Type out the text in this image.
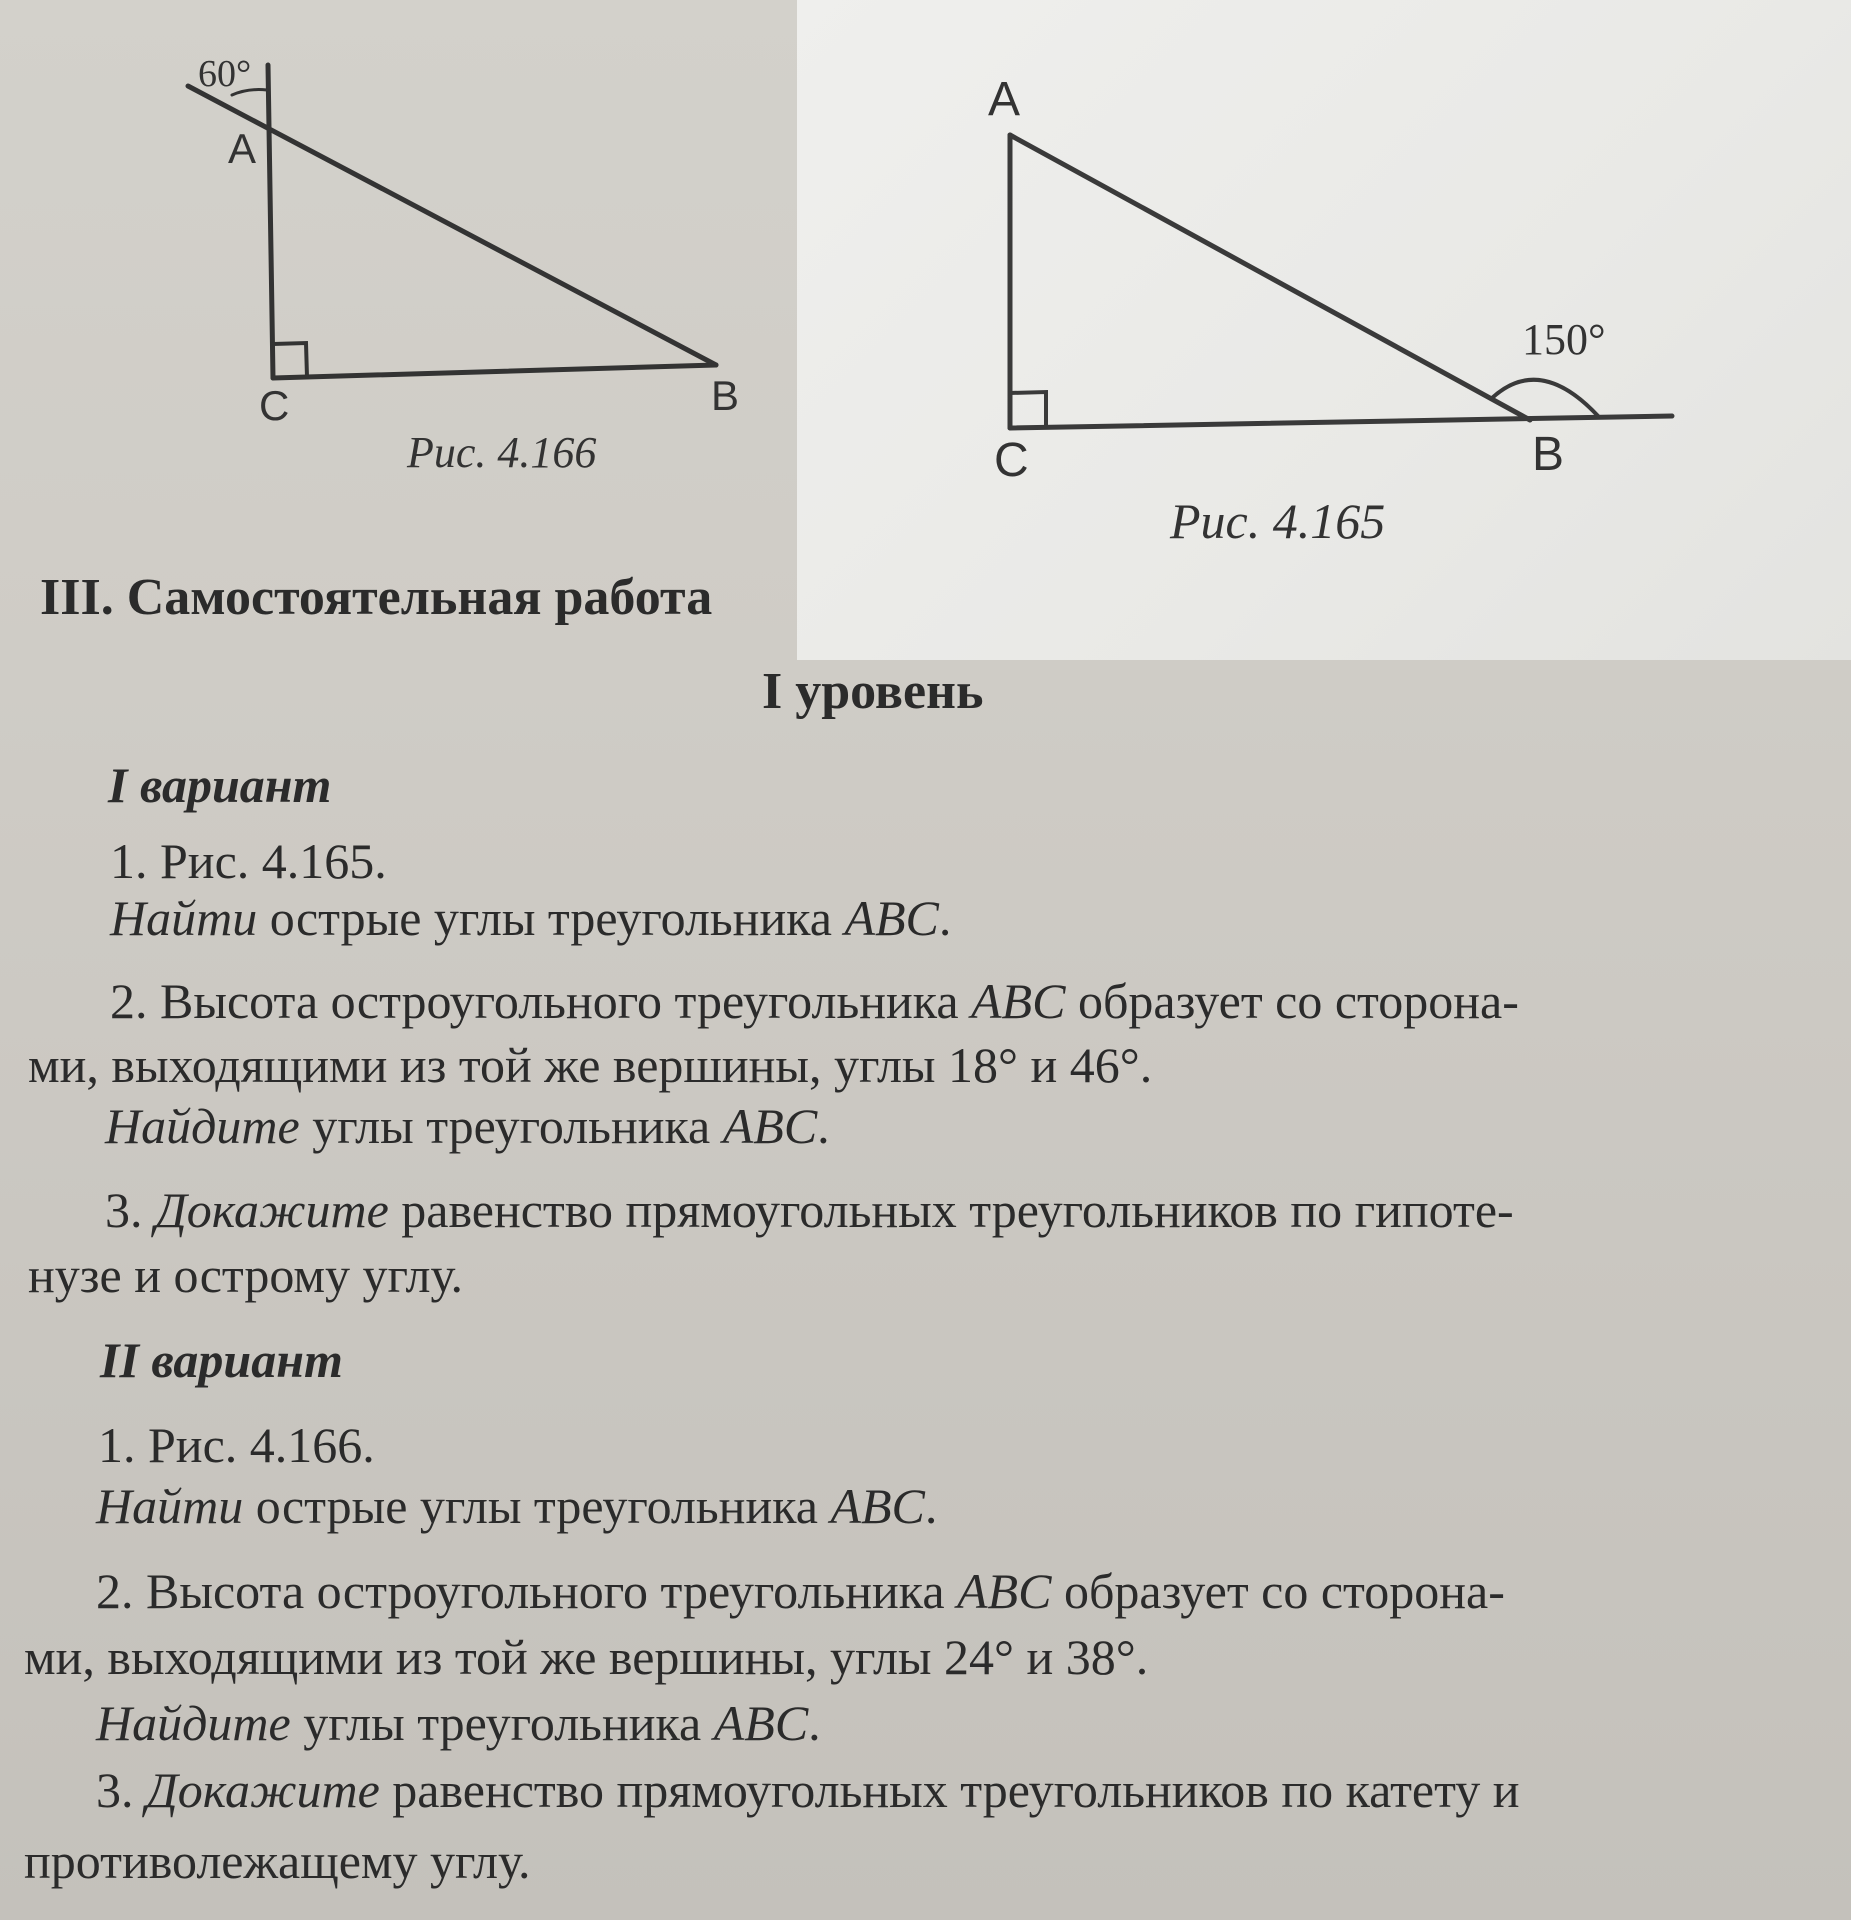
60°
A
C	B
Рис. 4.166
150°
A
C	B
Рис. 4.165
III. Самостоятельная работа
I уровень
I вариант
1. Рис. 4.165.
Найти острые углы треугольника ABC.
2. Высота остроугольного треугольника ABC образует со сторона-
ми, выходящими из той же вершины, углы 18° и 46°.
Найдите углы треугольника ABC.
3. Докажите равенство прямоугольных треугольников по гипоте-
нузе и острому углу.
II вариант
1. Рис. 4.166.
Найти острые углы треугольника ABC.
2. Высота остроугольного треугольника ABC образует со сторона-
ми, выходящими из той же вершины, углы 24° и 38°.
Найдите углы треугольника ABC.
3. Докажите равенство прямоугольных треугольников по катету и
противолежащему углу.
